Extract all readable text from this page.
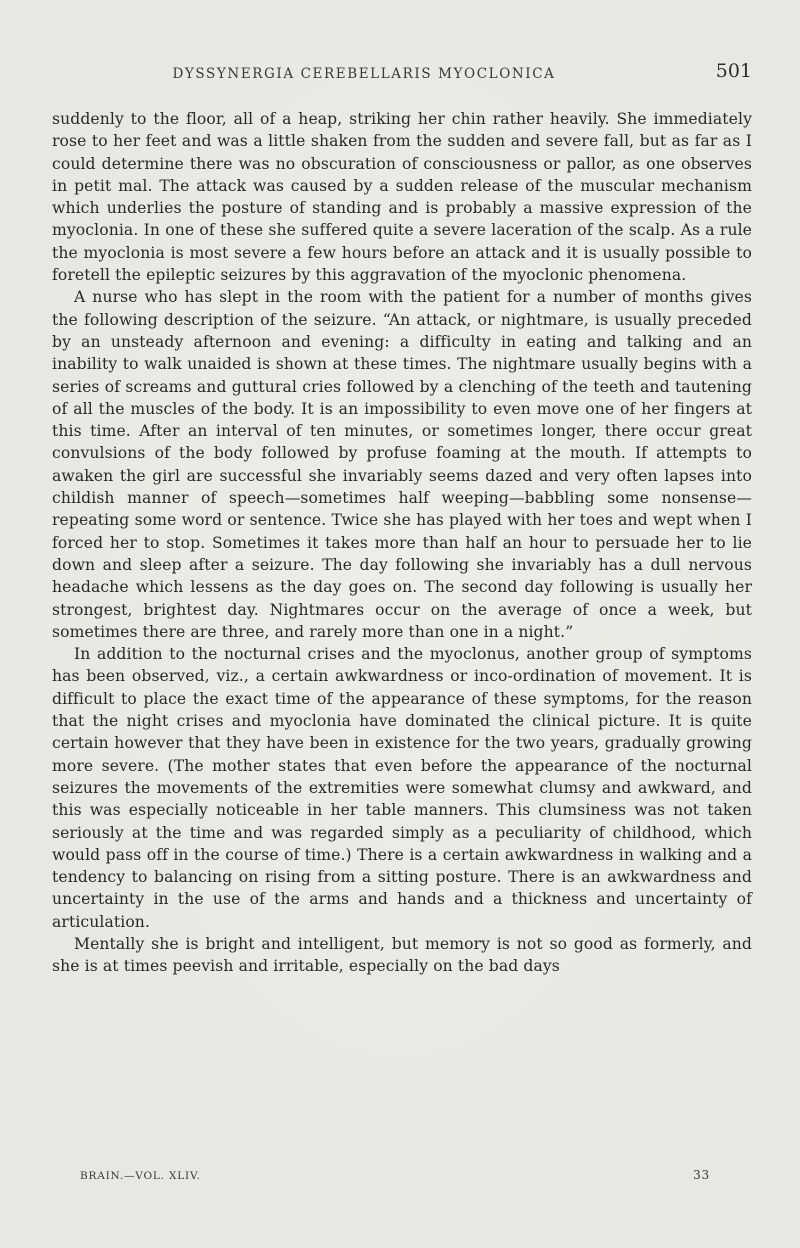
DYSSYNERGIA CEREBELLARIS MYOCLONICA	501

suddenly to the floor, all of a heap, striking her chin rather heavily. She immediately rose to her feet and was a little shaken from the sudden and severe fall, but as far as I could determine there was no obscuration of consciousness or pallor, as one observes in petit mal. The attack was caused by a sudden release of the muscular mechanism which underlies the posture of standing and is probably a massive expression of the myoclonia. In one of these she suffered quite a severe laceration of the scalp. As a rule the myoclonia is most severe a few hours before an attack and it is usually possible to foretell the epileptic seizures by this aggravation of the myoclonic phenomena.

A nurse who has slept in the room with the patient for a number of months gives the following description of the seizure. “An attack, or nightmare, is usually preceded by an unsteady afternoon and evening: a difficulty in eating and talking and an inability to walk unaided is shown at these times. The nightmare usually begins with a series of screams and guttural cries followed by a clenching of the teeth and tautening of all the muscles of the body. It is an impossibility to even move one of her fingers at this time. After an interval of ten minutes, or sometimes longer, there occur great convulsions of the body followed by profuse foaming at the mouth. If attempts to awaken the girl are successful she invariably seems dazed and very often lapses into childish manner of speech—sometimes half weeping—babbling some nonsense—repeating some word or sentence. Twice she has played with her toes and wept when I forced her to stop. Sometimes it takes more than half an hour to persuade her to lie down and sleep after a seizure. The day following she invariably has a dull nervous headache which lessens as the day goes on. The second day following is usually her strongest, brightest day. Nightmares occur on the average of once a week, but sometimes there are three, and rarely more than one in a night.”

In addition to the nocturnal crises and the myoclonus, another group of symptoms has been observed, viz., a certain awkwardness or inco-ordination of movement. It is difficult to place the exact time of the appearance of these symptoms, for the reason that the night crises and myoclonia have dominated the clinical picture. It is quite certain however that they have been in existence for the two years, gradually growing more severe. (The mother states that even before the appearance of the nocturnal seizures the movements of the extremities were somewhat clumsy and awkward, and this was especially noticeable in her table manners. This clumsiness was not taken seriously at the time and was regarded simply as a peculiarity of childhood, which would pass off in the course of time.) There is a certain awkwardness in walking and a tendency to balancing on rising from a sitting posture. There is an awkwardness and uncertainty in the use of the arms and hands and a thickness and uncertainty of articulation.

Mentally she is bright and intelligent, but memory is not so good as formerly, and she is at times peevish and irritable, especially on the bad days

BRAIN.—VOL. XLIV.	33
